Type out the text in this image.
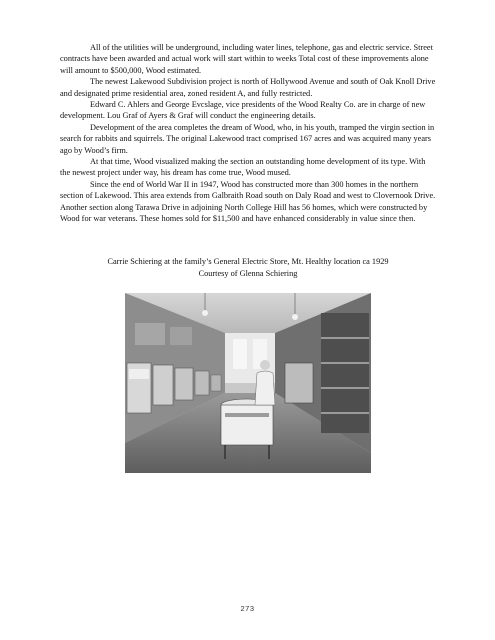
All of the utilities will be underground, including water lines, telephone, gas and electric service. Street contracts have been awarded and actual work will start within to weeks Total cost of these improvements alone will amount to $500,000, Wood estimated.

The newest Lakewood Subdivision project is north of Hollywood Avenue and south of Oak Knoll Drive and designated prime residential area, zoned resident A, and fully restricted.

Edward C. Ahlers and George Evcslage, vice presidents of the Wood Realty Co. are in charge of new development. Lou Graf of Ayers & Graf will conduct the engineering details.

Development of the area completes the dream of Wood, who, in his youth, tramped the virgin section in search for rabbits and squirrels. The original Lakewood tract comprised 167 acres and was acquired many years ago by Wood’s firm.

At that time, Wood visualized making the section an outstanding home development of its type. With the newest project under way, his dream has come true, Wood mused.

Since the end of World War II in 1947, Wood has constructed more than 300 homes in the northern section of Lakewood. This area extends from Galbraith Road south on Daly Road and west to Clovernook Drive. Another section along Tarawa Drive in adjoining North College Hill has 56 homes, which were constructed by Wood for war veterans. These homes sold for $11,500 and have enhanced considerably in value since then.

Carrie Schiering at the family’s General Electric Store, Mt. Healthy location ca 1929
Courtesy of Glenna Schiering
273
